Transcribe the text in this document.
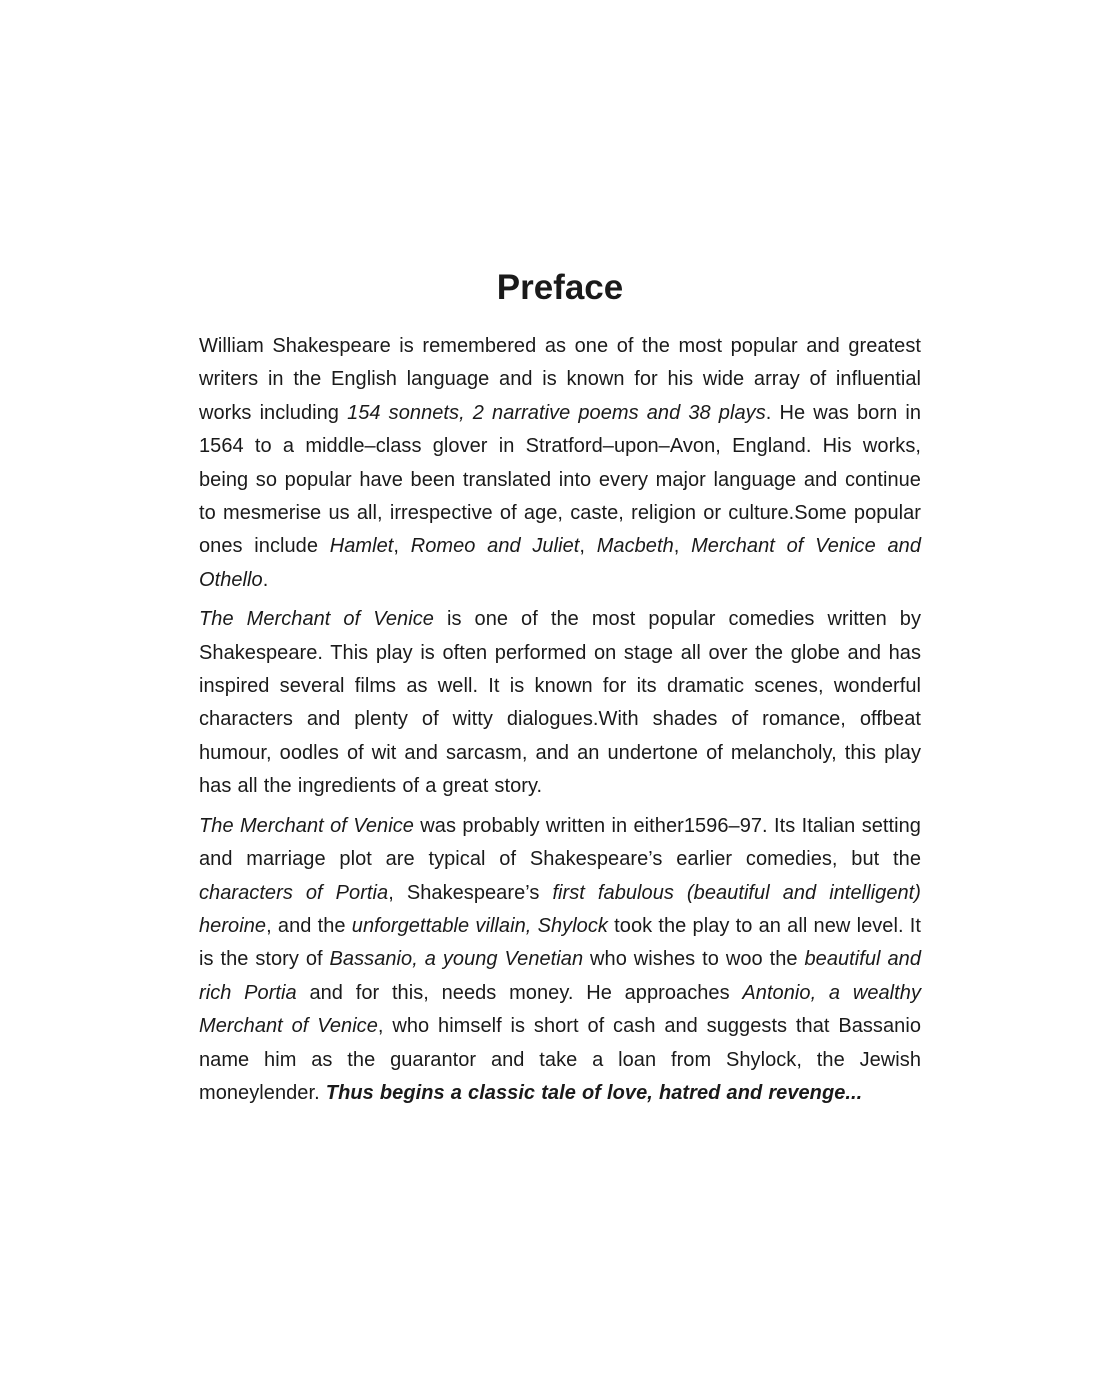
Preface

William Shakespeare is remembered as one of the most popular and greatest writers in the English language and is known for his wide array of influential works including 154 sonnets, 2 narrative poems and 38 plays. He was born in 1564 to a middle–class glover in Stratford–upon–Avon, England. His works, being so popular have been translated into every major language and continue to mesmerise us all, irrespective of age, caste, religion or culture.Some popular ones include Hamlet, Romeo and Juliet, Macbeth, Merchant of Venice and Othello.

The Merchant of Venice is one of the most popular comedies written by Shakespeare. This play is often performed on stage all over the globe and has inspired several films as well. It is known for its dramatic scenes, wonderful characters and plenty of witty dialogues.With shades of romance, offbeat humour, oodles of wit and sarcasm, and an undertone of melancholy, this play has all the ingredients of a great story.

The Merchant of Venice was probably written in either1596–97. Its Italian setting and marriage plot are typical of Shakespeare’s earlier comedies, but the characters of Portia, Shakespeare’s first fabulous (beautiful and intelligent) heroine, and the unforgettable villain, Shylock took the play to an all new level. It is the story of Bassanio, a young Venetian who wishes to woo the beautiful and rich Portia and for this, needs money. He approaches Antonio, a wealthy Merchant of Venice, who himself is short of cash and suggests that Bassanio name him as the guarantor and take a loan from Shylock, the Jewish moneylender. Thus begins a classic tale of love, hatred and revenge...
